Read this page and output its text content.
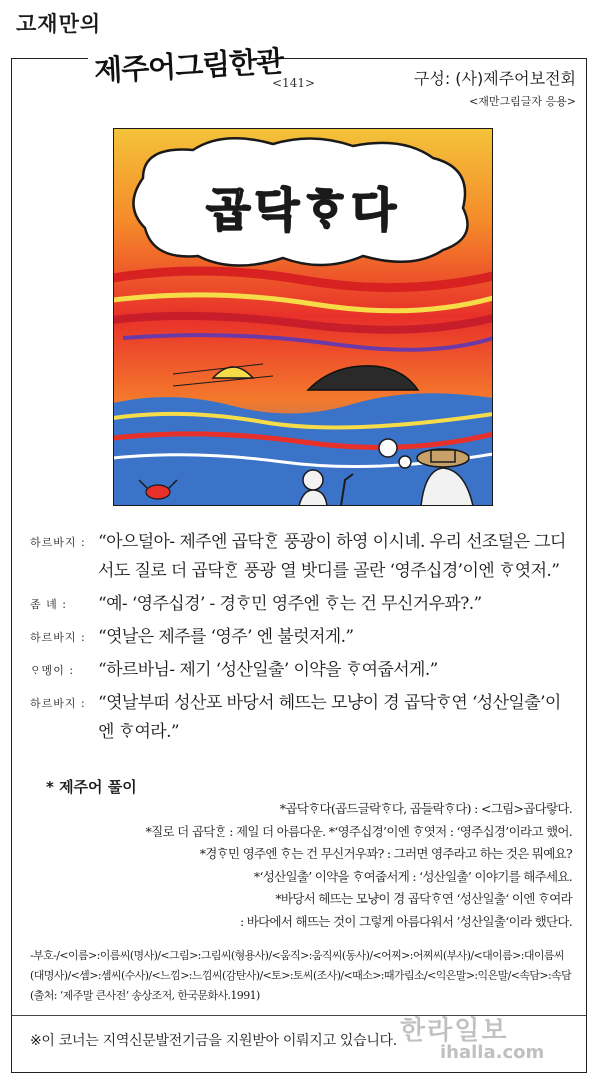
고재만의
제주어그림한관
<141>	구성: (사)제주어보전회
<재만그림글자 응용>
곱닥ᄒᆞ다
하르바지 : “아으덜아- 제주엔 곱닥ᄒᆞᆫ 풍광이 하영 이시녜. 우리 선조덜은 그디서도 질로 더 곱닥ᄒᆞᆫ 풍광 열 밧디를 골란 ‘영주십경’이엔 ᄒᆞ엿저.”
좀 녜 :	“예- ‘영주십경’ - 경ᄒᆞ민 영주엔 ᄒᆞ는 건 무신거우꽈?.”
하르바지 : “엿날은 제주를 ‘영주’ 엔 불럿저게.”
ᄋᆞ멩이 :	“하르바님- 제기 ‘성산일출’ 이약을 ᄒᆞ여줍서게.”
하르바지 : “엿날부떠 성산포 바당서 헤뜨는 모냥이 경 곱닥ᄒᆞ연 ‘성산일출’이엔 ᄒᆞ여라.”
* 제주어 풀이
*곱닥ᄒᆞ다(곱드글락ᄒᆞ다, 곱들락ᄒᆞ다) : <그림>곱다랗다.
*질로 더 곱닥ᄒᆞᆫ : 제일 더 아름다운. *‘영주십경’이엔 ᄒᆞ엿저 : ‘영주십경’이라고 했어.
*경ᄒᆞ민 영주엔 ᄒᆞ는 건 무신거우꽈? : 그러면 영주라고 하는 것은 뭐예요?
*‘성산일출’ 이약을 ᄒᆞ여줍서게 : ‘성산일출’ 이야기를 해주세요.
*바당서 헤뜨는 모냥이 경 곱닥ᄒᆞ연 ‘성산일출‘ 이엔 ᄒᆞ여라
: 바다에서 해뜨는 것이 그렇게 아름다워서 ’성산일출‘이라 했단다.
-부호-/<이름>:이름씨(명사)/<그림>:그림씨(형용사)/<움직>:움직씨(동사)/<어찌>:어찌씨(부사)/<대이름>:대이름씨(대명사)/<셈>:셈씨(수사)/<느낌>:느낌씨(감탄사)/<토>:토씨(조사)/<때소>:때가림소/<익은말>:익은말/<속담>:속담 (출처: ‘제주말 큰사전’ 송상조저, 한국문화사.1991)
※이 코너는 지역신문발전기금을 지원받아 이뤄지고 있습니다. 한라일보
ihalla.com
